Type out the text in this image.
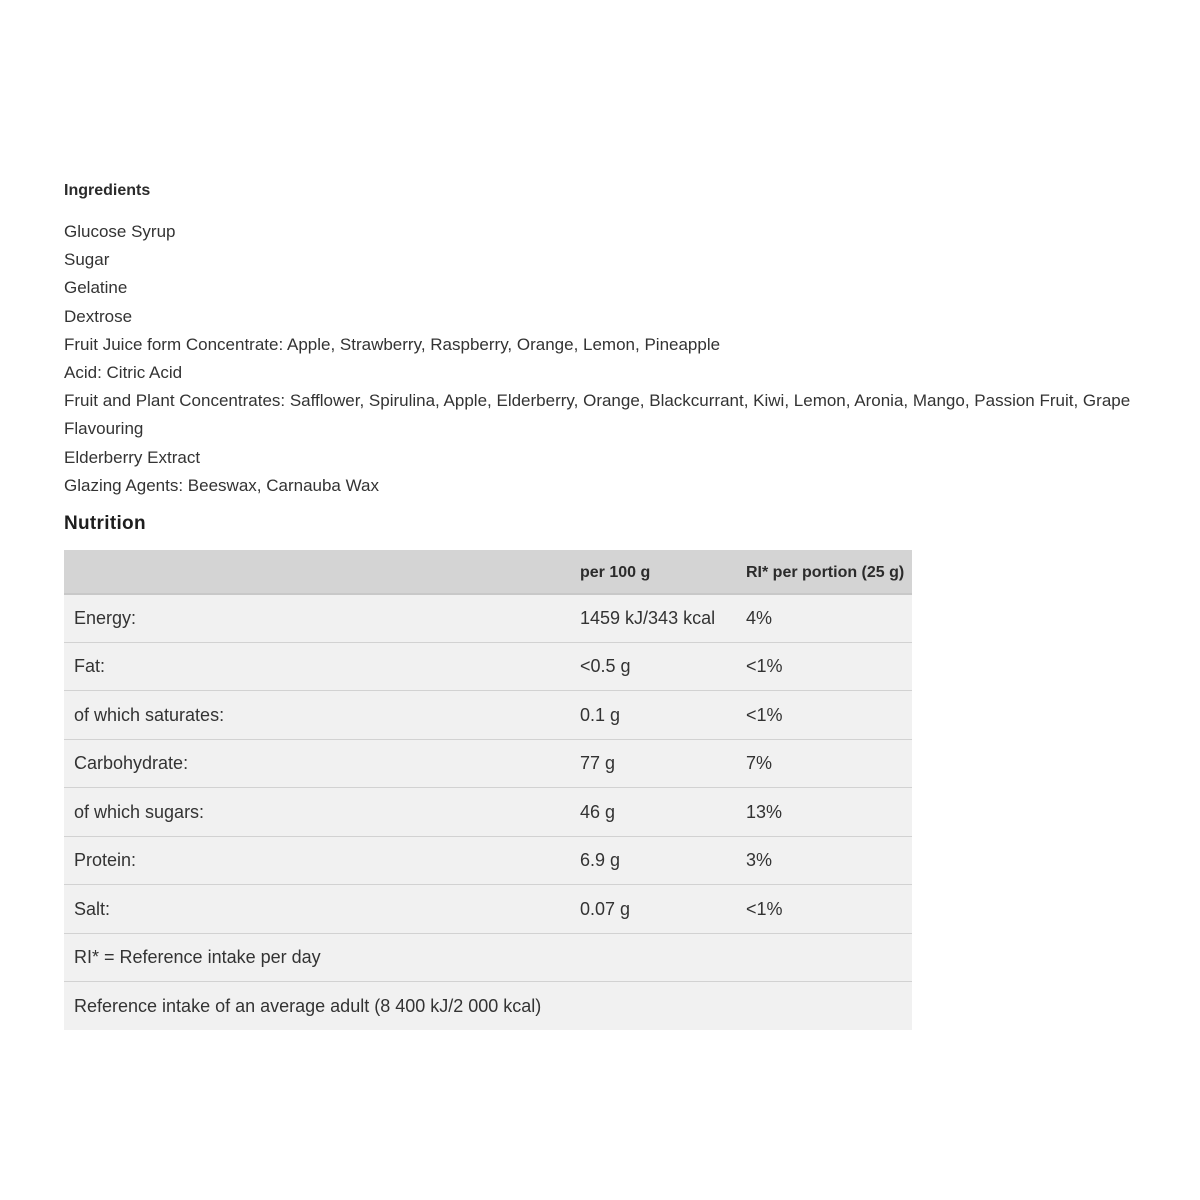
Ingredients
Glucose Syrup
Sugar
Gelatine
Dextrose
Fruit Juice form Concentrate: Apple, Strawberry, Raspberry, Orange, Lemon, Pineapple
Acid: Citric Acid
Fruit and Plant Concentrates: Safflower, Spirulina, Apple, Elderberry, Orange, Blackcurrant, Kiwi, Lemon, Aronia, Mango, Passion Fruit, Grape
Flavouring
Elderberry Extract
Glazing Agents: Beeswax, Carnauba Wax
Nutrition
	per 100 g	RI* per portion (25 g)
Energy:	1459 kJ/343 kcal	4%
Fat:	<0.5 g	<1%
of which saturates:	0.1 g	<1%
Carbohydrate:	77 g	7%
of which sugars:	46 g	13%
Protein:	6.9 g	3%
Salt:	0.07 g	<1%
RI* = Reference intake per day		
Reference intake of an average adult (8 400 kJ/2 000 kcal)		
